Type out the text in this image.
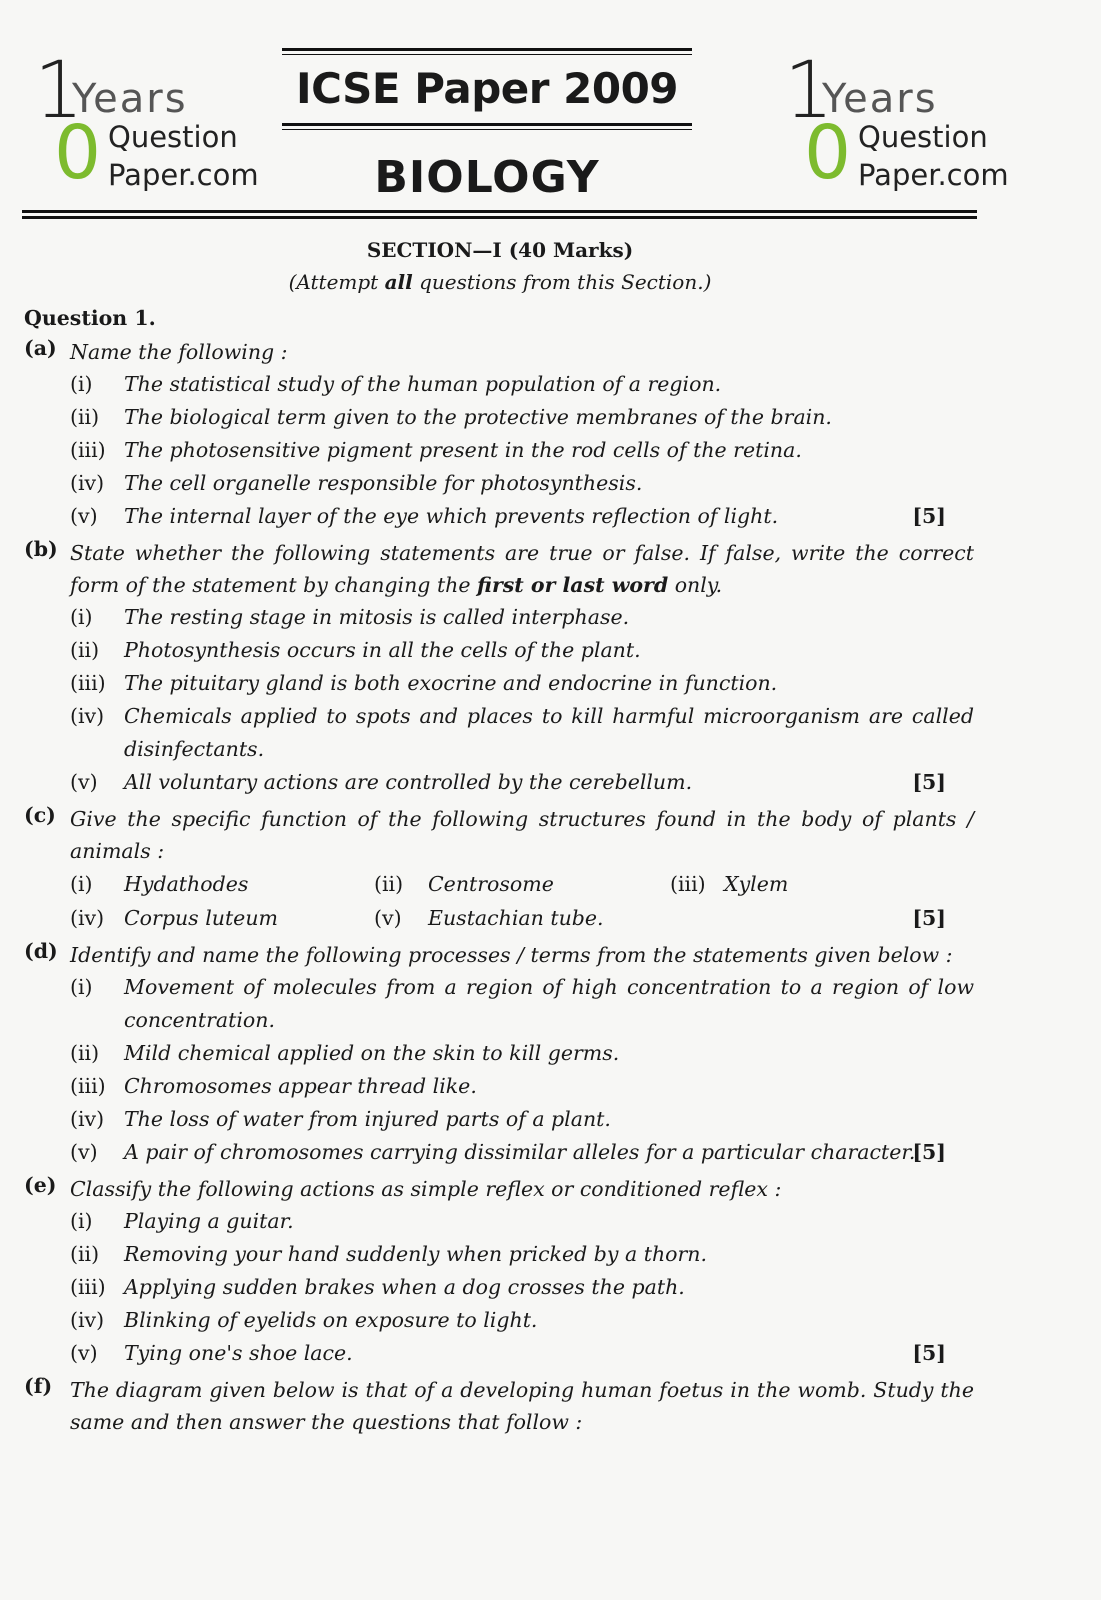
1
Years
0 Question
Paper.com
1
Years
0 Question
Paper.com
ICSE Paper 2009
BIOLOGY
SECTION—I (40 Marks)
(Attempt all questions from this Section.)
Question 1.
(a) Name the following :
(i) The statistical study of the human population of a region.
(ii) The biological term given to the protective membranes of the brain.
(iii) The photosensitive pigment present in the rod cells of the retina.
(iv) The cell organelle responsible for photosynthesis.
(v) The internal layer of the eye which prevents reflection of light.	[5]
(b) State whether the following statements are true or false. If false, write the correct form of the statement by changing the first or last word only.
(i) The resting stage in mitosis is called interphase.
(ii) Photosynthesis occurs in all the cells of the plant.
(iii) The pituitary gland is both exocrine and endocrine in function.
(iv) Chemicals applied to spots and places to kill harmful microorganism are called disinfectants.
(v) All voluntary actions are controlled by the cerebellum.	[5]
(c) Give the specific function of the following structures found in the body of plants / animals :
(i) Hydathodes	(ii) Centrosome	(iii) Xylem
(iv) Corpus luteum	(v) Eustachian tube.	[5]
(d) Identify and name the following processes / terms from the statements given below :
(i) Movement of molecules from a region of high concentration to a region of low concentration.
(ii) Mild chemical applied on the skin to kill germs.
(iii) Chromosomes appear thread like.
(iv) The loss of water from injured parts of a plant.
(v) A pair of chromosomes carrying dissimilar alleles for a particular character.
[5]
(e) Classify the following actions as simple reflex or conditioned reflex :
(i) Playing a guitar.
(ii) Removing your hand suddenly when pricked by a thorn.
(iii) Applying sudden brakes when a dog crosses the path.
(iv) Blinking of eyelids on exposure to light.
(v) Tying one's shoe lace.	[5]
(f) The diagram given below is that of a developing human foetus in the womb. Study the same and then answer the questions that follow :
